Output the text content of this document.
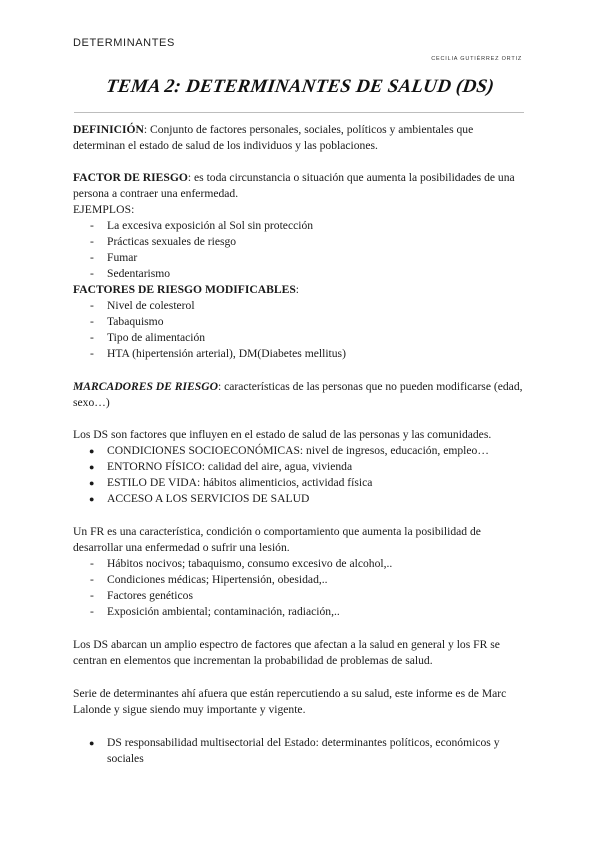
DETERMINANTES
CECILIA GUTIÉRREZ ORTIZ
TEMA 2: DETERMINANTES DE SALUD (DS)

DEFINICIÓN: Conjunto de factores personales, sociales, políticos y ambientales que determinan el estado de salud de los individuos y las poblaciones.

FACTOR DE RIESGO: es toda circunstancia o situación que aumenta la posibilidades de una persona a contraer una enfermedad.

EJEMPLOS:

- La excesiva exposición al Sol sin protección
- Prácticas sexuales de riesgo
- Fumar
- Sedentarismo

FACTORES DE RIESGO MODIFICABLES:

- Nivel de colesterol
- Tabaquismo
- Tipo de alimentación
- HTA (hipertensión arterial), DM(Diabetes mellitus)

MARCADORES DE RIESGO: características de las personas que no pueden modificarse (edad, sexo…)

Los DS son factores que influyen en el estado de salud de las personas y las comunidades.

● CONDICIONES SOCIOECONÓMICAS: nivel de ingresos, educación, empleo…
● ENTORNO FÍSICO: calidad del aire, agua, vivienda
● ESTILO DE VIDA: hábitos alimenticios, actividad física
● ACCESO A LOS SERVICIOS DE SALUD

Un FR es una característica, condición o comportamiento que aumenta la posibilidad de desarrollar una enfermedad o sufrir una lesión.

- Hábitos nocivos; tabaquismo, consumo excesivo de alcohol,..
- Condiciones médicas; Hipertensión, obesidad,..
- Factores genéticos
- Exposición ambiental; contaminación, radiación,..

Los DS abarcan un amplio espectro de factores que afectan a la salud en general y los FR se centran en elementos que incrementan la probabilidad de problemas de salud.

Serie de determinantes ahí afuera que están repercutiendo a su salud, este informe es de Marc Lalonde y sigue siendo muy importante y vigente.

● DS responsabilidad multisectorial del Estado: determinantes políticos, económicos y sociales
